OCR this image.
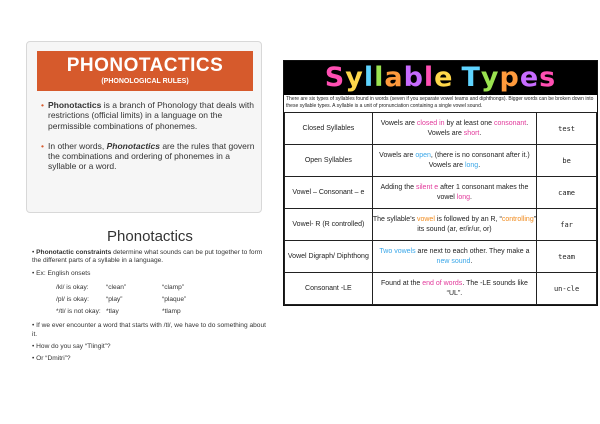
PHONOTACTICS
(PHONOLOGICAL RULES)
• Phonotactics is a branch of Phonology that deals with restrictions (official limits) in a language on the permissible combinations of phonemes.
• In other words, Phonotactics are the rules that govern the combinations and ordering of phonemes in a syllable or a word.
Phonotactics
• Phonotactic constraints determine what sounds can be put together to form the different parts of a syllable in a language.
• Ex: English onsets
/kl/ is okay:	“clean”	“clamp”
/pl/ is okay:	“play”	“plaque”
*/tl/ is not okay: *tlay	*tlamp
• If we ever encounter a word that starts with /tl/, we have to do something about it.
• How do you say “Tlingit”?
• Or “Dmitri”?
Syllable Types
There are six types of syllables found in words (seven if you separate vowel teams and diphthongs). Bigger words can be broken down into these syllable types. A syllable is a unit of pronunciation containing a single vowel sound.
Closed Syllables	Vowels are closed in by at least one consonant. Vowels are short.	test
Open Syllables	Vowels are open, (there is no consonant after it.) Vowels are long.	be
Vowel – Consonant – e	Adding the silent e after 1 consonant makes the vowel long.	came
Vowel- R (R controlled)	The syllable's vowel is followed by an R, “controlling” its sound (ar, er/ir/ur, or)	far
Vowel Digraph/ Diphthong	Two vowels are next to each other. They make a new sound.	team
Consonant -LE	Found at the end of words. The -LE sounds like “UL”.	un-cle
